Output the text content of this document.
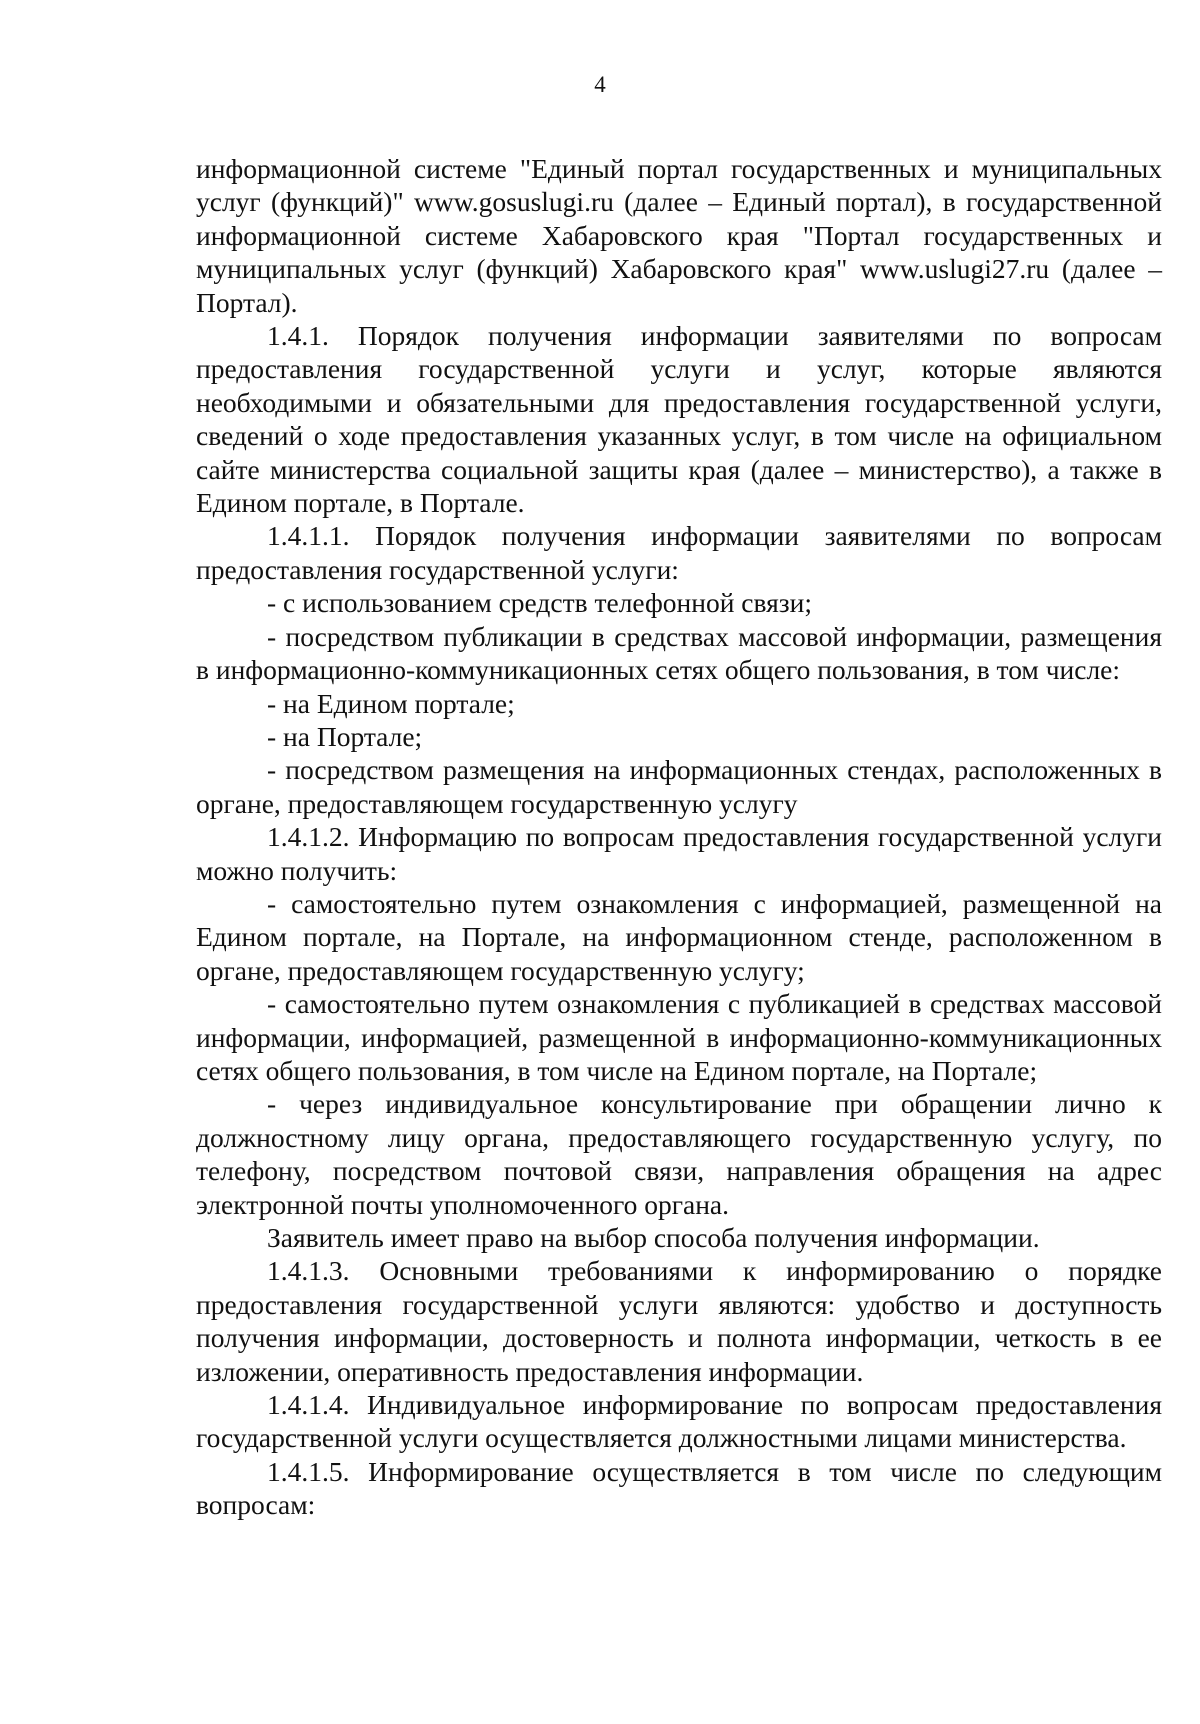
4

информационной системе "Единый портал государственных и муниципальных услуг (функций)" www.gosuslugi.ru (далее – Единый портал), в государственной информационной системе Хабаровского края "Портал государственных и муниципальных услуг (функций) Хабаровского края" www.uslugi27.ru (далее – Портал).

1.4.1. Порядок получения информации заявителями по вопросам предоставления государственной услуги и услуг, которые являются необходимыми и обязательными для предоставления государственной услуги, сведений о ходе предоставления указанных услуг, в том числе на официальном сайте министерства социальной защиты края (далее – министерство), а также в Едином портале, в Портале.

1.4.1.1. Порядок получения информации заявителями по вопросам предоставления государственной услуги:

- с использованием средств телефонной связи;

- посредством публикации в средствах массовой информации, размещения в информационно-коммуникационных сетях общего пользования, в том числе:

- на Едином портале;

- на Портале;

- посредством размещения на информационных стендах, расположенных в органе, предоставляющем государственную услугу

1.4.1.2. Информацию по вопросам предоставления государственной услуги можно получить:

- самостоятельно путем ознакомления с информацией, размещенной на Едином портале, на Портале, на информационном стенде, расположенном в органе, предоставляющем государственную услугу;

- самостоятельно путем ознакомления с публикацией в средствах массовой информации, информацией, размещенной в информационно-коммуникационных сетях общего пользования, в том числе на Едином портале, на Портале;

- через индивидуальное консультирование при обращении лично к должностному лицу органа, предоставляющего государственную услугу, по телефону, посредством почтовой связи, направления обращения на адрес электронной почты уполномоченного органа.

Заявитель имеет право на выбор способа получения информации.

1.4.1.3. Основными требованиями к информированию о порядке предоставления государственной услуги являются: удобство и доступность получения информации, достоверность и полнота информации, четкость в ее изложении, оперативность предоставления информации.

1.4.1.4. Индивидуальное информирование по вопросам предоставления государственной услуги осуществляется должностными лицами министерства.

1.4.1.5. Информирование осуществляется в том числе по следующим вопросам:
